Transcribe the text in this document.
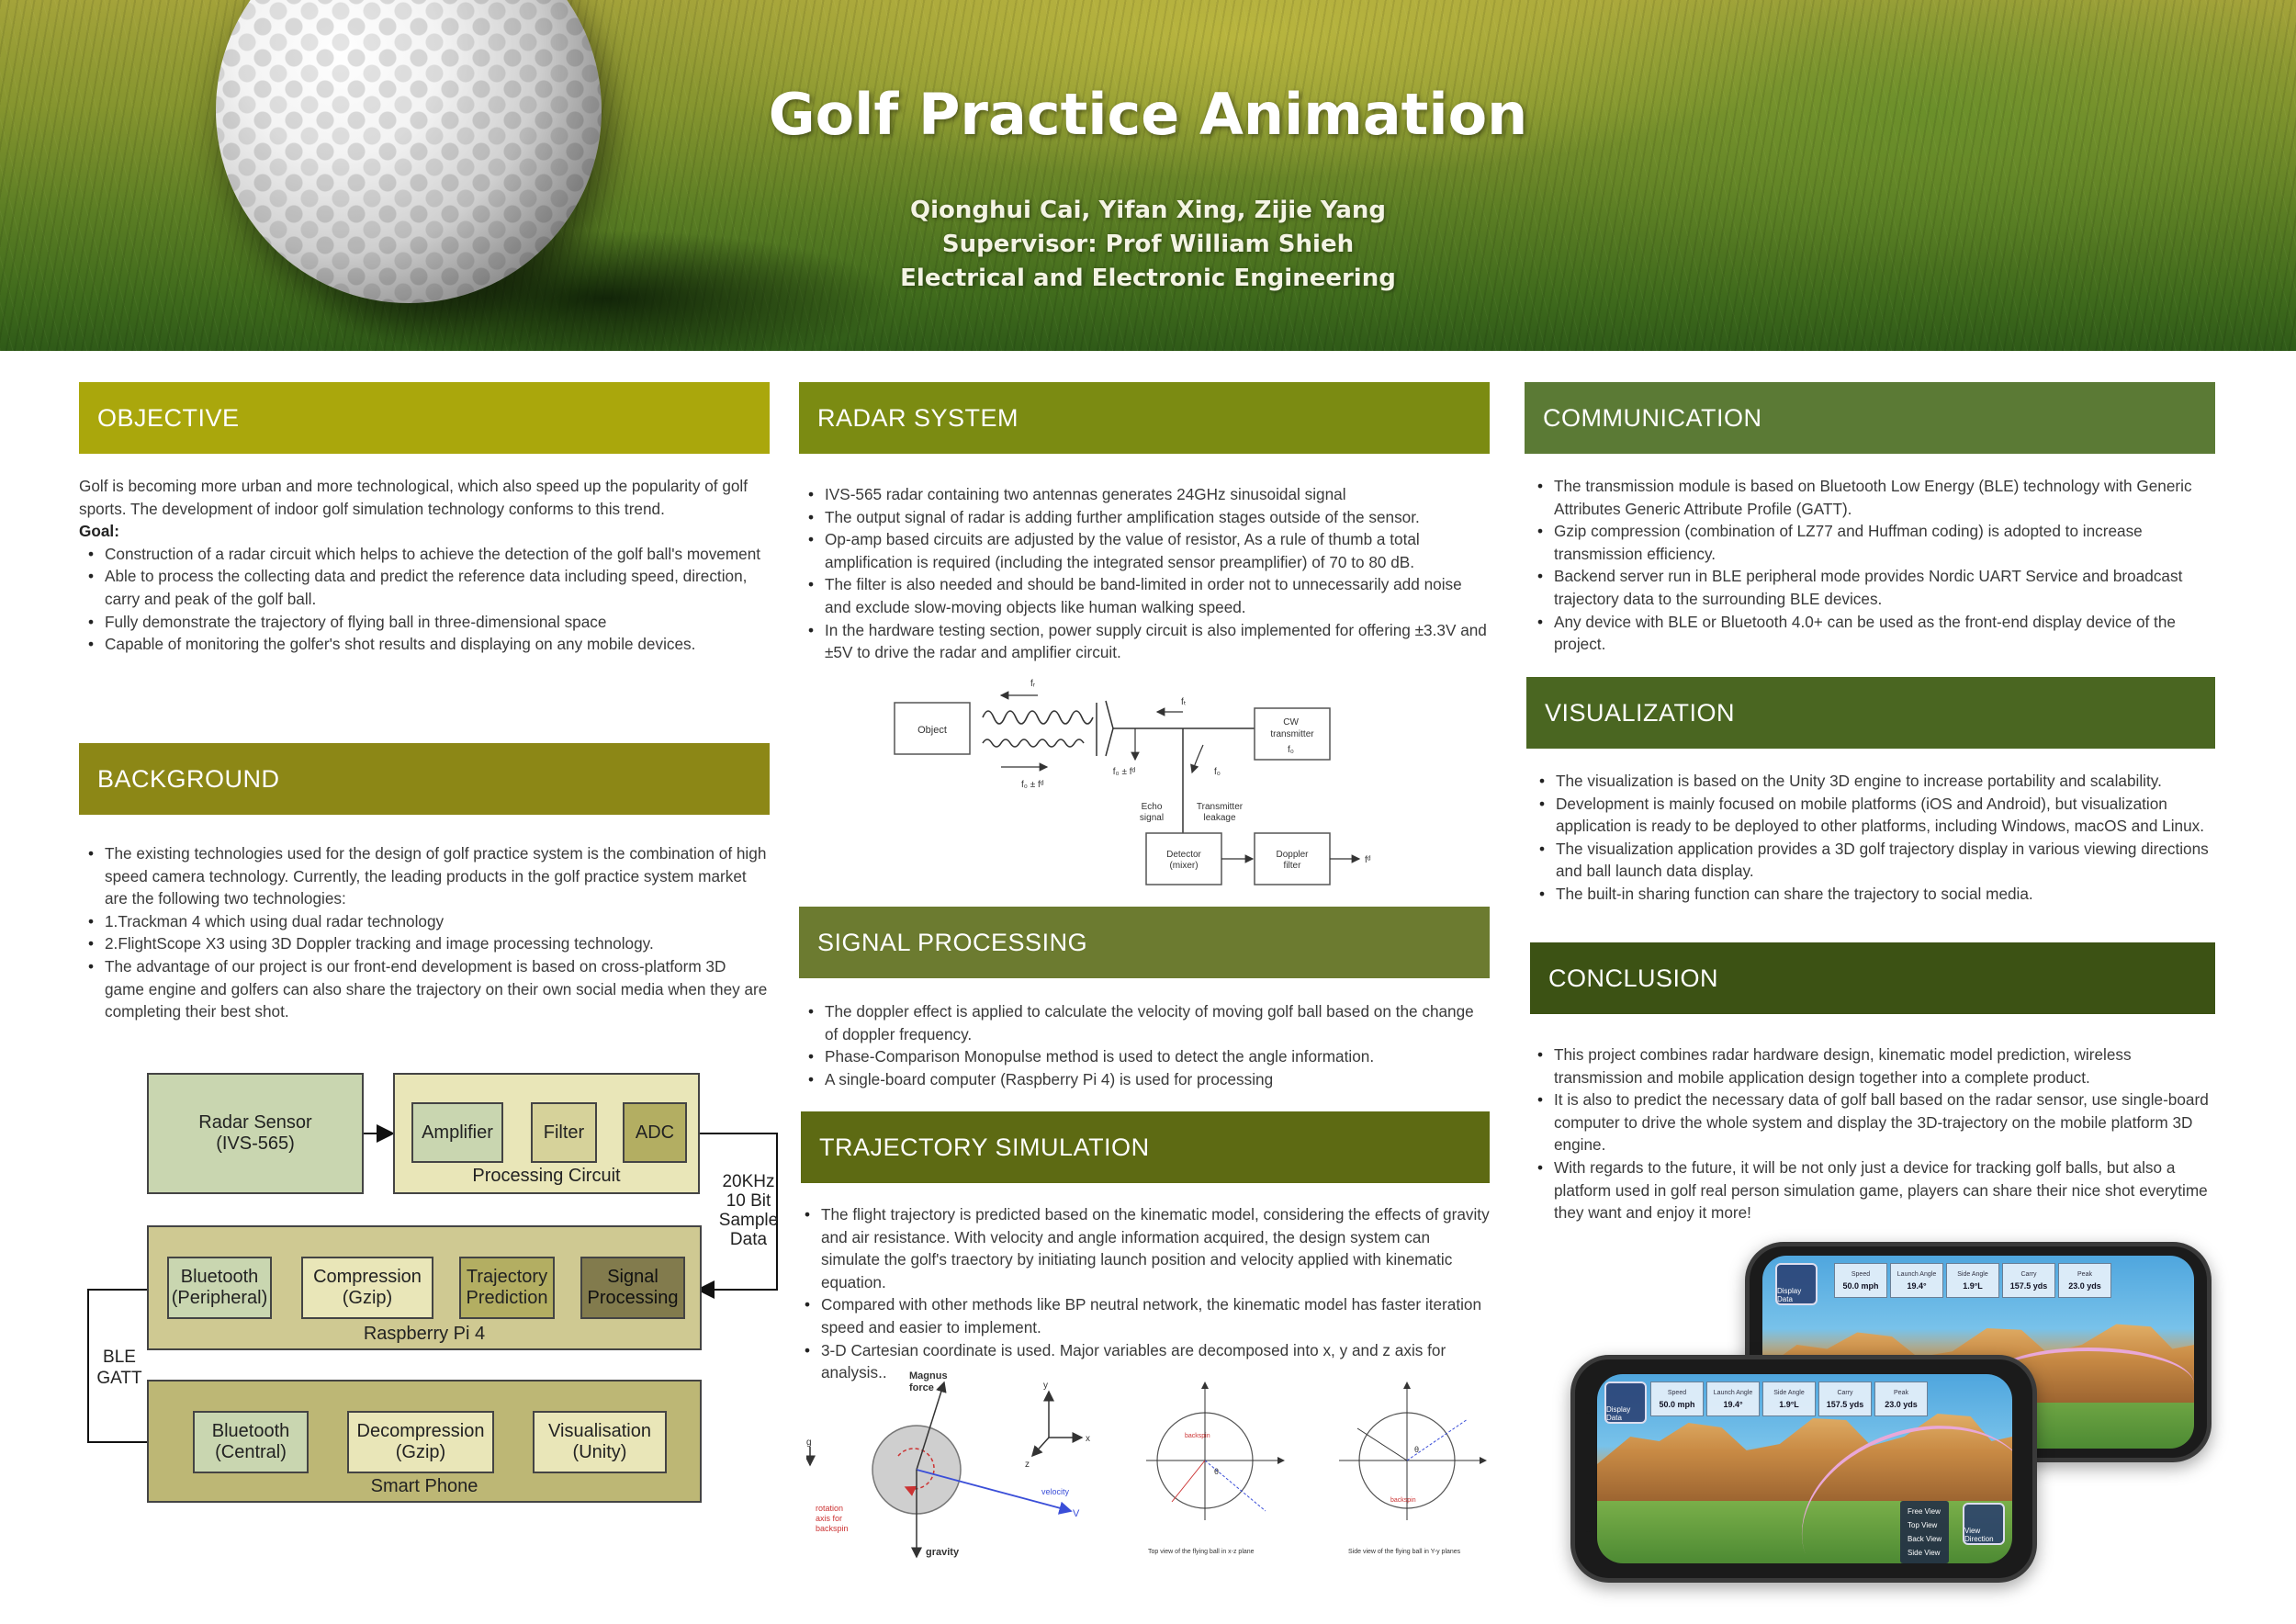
Golf Practice Animation
Qionghui Cai, Yifan Xing, Zijie Yang
Supervisor: Prof William Shieh
Electrical and Electronic Engineering
OBJECTIVE

Golf is becoming more urban and more technological, which also speed up the popularity of golf sports. The development of indoor golf simulation technology conforms to this trend.

Goal:

• Construction of a radar circuit which helps to achieve the detection of the golf ball's movement
• Able to process the collecting data and predict the reference data including speed, direction, carry and peak of the golf ball.
• Fully demonstrate the trajectory of flying ball in three-dimensional space
• Capable of monitoring the golfer's shot results and displaying on any mobile devices.
BACKGROUND
• The existing technologies used for the design of golf practice system is the combination of high speed camera technology. Currently, the leading products in the golf practice system market are the following two technologies:
• 1.Trackman 4 which using dual radar technology
• 2.FlightScope X3 using 3D Doppler tracking and image processing technology.
• The advantage of our project is our front-end development is based on cross-platform 3D game engine and golfers can also share the trajectory on their own social media when they are completing their best shot.
Radar Sensor
(IVS-565)
Processing Circuit
Amplifier	Filter	ADC
20KHz
10 Bit
Sample
Data
Raspberry Pi 4
Bluetooth
(Peripheral)
Compression
(Gzip)
Trajectory
Prediction
Signal
Processing
BLE
GATT
Smart Phone
Bluetooth
(Central)
Decompression
(Gzip)
Visualisation
(Unity)
RADAR SYSTEM
• IVS-565 radar containing two antennas generates 24GHz sinusoidal signal
• The output signal of radar is adding further amplification stages outside of the sensor.
• Op-amp based circuits are adjusted by the value of resistor, As a rule of thumb a total amplification is required (including the integrated sensor preamplifier) of 70 to 80 dB.
• The filter is also needed and should be band-limited in order not to unnecessarily add noise and exclude slow-moving objects like human walking speed.
• In the hardware testing section, power supply circuit is also implemented for offering ±3.3V and ±5V to drive the radar and amplifier circuit.
Object
fₜ
fᵣ
f₀ ± fᵈ
CW transmitter
f₀
f₀ ± fᵈ	f₀
Echo signal
Transmitter leakage
Detector (mixer)
Doppler filter
fᵈ
SIGNAL PROCESSING
• The doppler effect is applied to calculate the velocity of moving golf ball based on the change of doppler frequency.
• Phase-Comparison Monopulse method is used to detect the angle information.
• A single-board computer (Raspberry Pi 4) is used for processing
TRAJECTORY SIMULATION
• The flight trajectory is predicted based on the kinematic model, considering the effects of gravity and air resistance. With velocity and angle information acquired, the design system can simulate the golf's traectory by initiating launch position and velocity applied with kinematic equation.
• Compared with other methods like BP neutral network, the kinematic model has faster iteration speed and easier to implement.
• 3-D Cartesian coordinate is used. Major variables are decomposed into x, y and z axis for analysis..	Magnus force
velocity
V
gravity
rotation axis for backspin
g	x
y
z
backspin
θ
Top view of the flying ball in x-z plane
backspin
θ
Side view of the flying ball in Y-y planes
COMMUNICATION
• The transmission module is based on Bluetooth Low Energy (BLE) technology with Generic Attributes Generic Attribute Profile (GATT).
• Gzip compression (combination of LZ77 and Huffman coding) is adopted to increase transmission efficiency.
• Backend server run in BLE peripheral mode provides Nordic UART Service and broadcast trajectory data to the surrounding BLE devices.
• Any device with BLE or Bluetooth 4.0+ can be used as the front-end display device of the project.
VISUALIZATION
• The visualization is based on the Unity 3D engine to increase portability and scalability.
• Development is mainly focused on mobile platforms (iOS and Android), but visualization application is ready to be deployed to other platforms, including Windows, macOS and Linux.
• The visualization application provides a 3D golf trajectory display in various viewing directions and ball launch data display.
• The built-in sharing function can share the trajectory to social media.
CONCLUSION
• This project combines radar hardware design, kinematic model prediction, wireless transmission and mobile application design together into a complete product.
• It is also to predict the necessary data of golf ball based on the radar sensor, use single-board computer to drive the whole system and display the 3D-trajectory on the mobile platform 3D engine.
• With regards to the future, it will be not only just a device for tracking golf balls, but also a platform used in golf real person simulation game, players can share their nice shot everytime they want and enjoy it more!
Speed
50.0 mph
Launch Angle
19.4°
Side Angle
1.9°L
Carry
157.5 yds
Peak
23.0 yds
Display Data
Speed
50.0 mph
Launch Angle
19.4°
Side Angle
1.9°L
Carry
157.5 yds
Peak
23.0 yds
Display Data
Free View
Top View
Back View
Side View
View Direction
